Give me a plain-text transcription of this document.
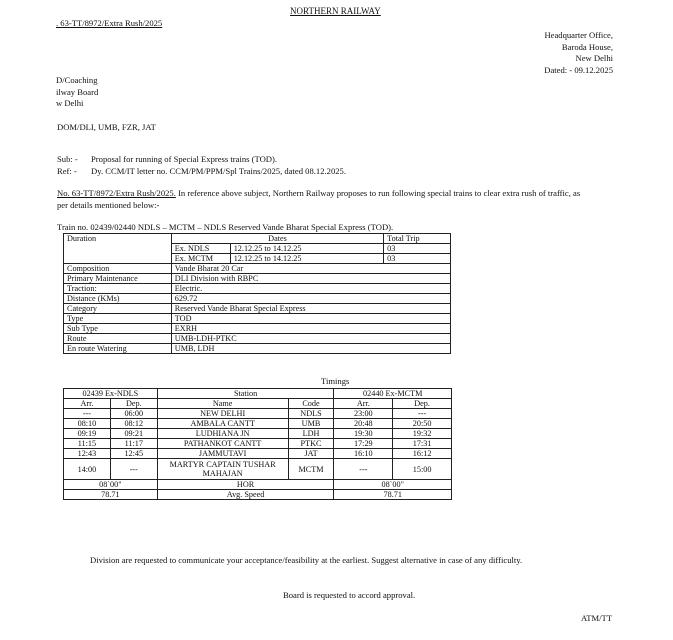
NORTHERN RAILWAY
. 63-TT/8972/Extra Rush/2025
Headquarter Office,
Baroda House,
New Delhi
Dated: - 09.12.2025
D/Coaching
ilway Board
w Delhi
DOM/DLI, UMB, FZR, JAT
Sub: - Proposal for running of Special Express trains (TOD).
Ref: - Dy. CCM/IT letter no. CCM/PM/PPM/Spl Trains/2025, dated 08.12.2025.
No. 63-TT/8972/Extra Rush/2025. In reference above subject, Northern Railway proposes to run following special trains to clear extra rush of traffic, as
per details mentioned below:-
Train no. 02439/02440 NDLS – MCTM – NDLS Reserved Vande Bharat Special Express (TOD).
Duration	Dates		Total Trip
	Ex. NDLS	12.12.25 to 14.12.25	03
	Ex. MCTM	12.12.25 to 14.12.25	03
Composition	Vande Bharat 20 Car		
Primary Maintenance	DLI Division with RBPC		
Traction:	Electric.		
Distance (KMs)	629.72		
Category	Reserved Vande Bharat Special Express		
Type	TOD		
Sub Type	EXRH		
Route	UMB-LDH-PTKC		
En route Watering	UMB, LDH		
Timings
02439 Ex-NDLS		Station		02440 Ex-MCTM	
Arr.	Dep.	Name	Code	Arr.	Dep.
---	06:00	NEW DELHI	NDLS	23:00	---
08:10	08:12	AMBALA CANTT	UMB	20:48	20:50
09:19	09:21	LUDHIANA JN	LDH	19:30	19:32
11:15	11:17	PATHANKOT CANTT	PTKC	17:29	17:31
12:43	12:45	JAMMUTAVI	JAT	16:10	16:12
14:00	---	MARTYR CAPTAIN TUSHAR
MAHAJAN	MCTM	---	15:00
08`00"		HOR		08`00"	
78.71		Avg. Speed		78.71	
Division are requested to communicate your acceptance/feasibility at the earliest. Suggest alternative in case of any difficulty.
Board is requested to accord approval.
ATM/TT
